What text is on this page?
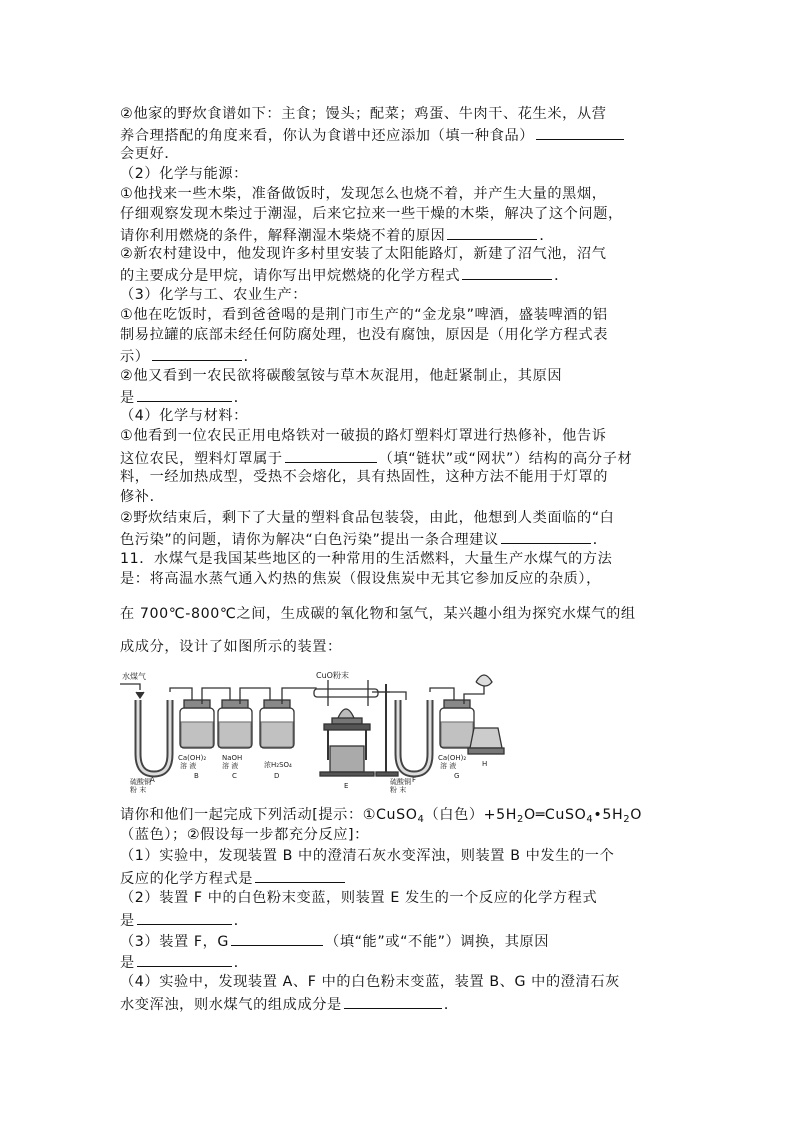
②他家的野炊食谱如下：主食；馒头；配菜；鸡蛋、牛肉干、花生米，从营
养合理搭配的角度来看，你认为食谱中还应添加（填一种食品）
会更好．
（2）化学与能源：
①他找来一些木柴，准备做饭时，发现怎么也烧不着，并产生大量的黑烟，
仔细观察发现木柴过于潮湿，后来它拉来一些干燥的木柴，解决了这个问题，
请你利用燃烧的条件，解释潮湿木柴烧不着的原因	．
②新农村建设中，他发现许多村里安装了太阳能路灯，新建了沼气池，沼气
的主要成分是甲烷，请你写出甲烷燃烧的化学方程式	．
（3）化学与工、农业生产：
①他在吃饭时，看到爸爸喝的是荆门市生产的“金龙泉”啤酒，盛装啤酒的铝
制易拉罐的底部未经任何防腐处理，也没有腐蚀，原因是（用化学方程式表
示）	．
②他又看到一农民欲将碳酸氢铵与草木灰混用，他赶紧制止，其原因
是	．
（4）化学与材料：
①他看到一位农民正用电烙铁对一破损的路灯塑料灯罩进行热修补，他告诉
这位农民，塑料灯罩属于	（填“链状”或“网状”）结构的高分子材
料，一经加热成型，受热不会熔化，具有热固性，这种方法不能用于灯罩的
修补．
②野炊结束后，剩下了大量的塑料食品包装袋，由此，他想到人类面临的“白
色污染”的问题，请你为解决“白色污染”提出一条合理建议	．
11．水煤气是我国某些地区的一种常用的生活燃料，大量生产水煤气的方法
是：将高温水蒸气通入灼热的焦炭（假设焦炭中无其它参加反应的杂质），
在 700℃-800℃之间，生成碳的氧化物和氢气，某兴趣小组为探究水煤气的组
成成分，设计了如图所示的装置：
水煤气	CuO粉末
硫酸铜
粉 末
Ca(OH)₂
溶 液
NaOH
溶 液	浓H₂SO₄
硫酸铜
粉 末
Ca(OH)₂
溶 液
A	B	C	D
E
F	G
H
请你和他们一起完成下列活动[提示：①CuSO$_4$（白色）$+5H_2O═CuSO_4•5H_2O$
（蓝色）；②假设每一步都充分反应]：
（1）实验中，发现装置 B 中的澄清石灰水变浑浊，则装置 B 中发生的一个
反应的化学方程式是
（2）装置 F 中的白色粉末变蓝，则装置 E 发生的一个反应的化学方程式
是	．
（3）装置 F，G	（填“能”或“不能”）调换，其原因
是	．
（4）实验中，发现装置 A、F 中的白色粉末变蓝，装置 B、G 中的澄清石灰
水变浑浊，则水煤气的组成成分是	．
